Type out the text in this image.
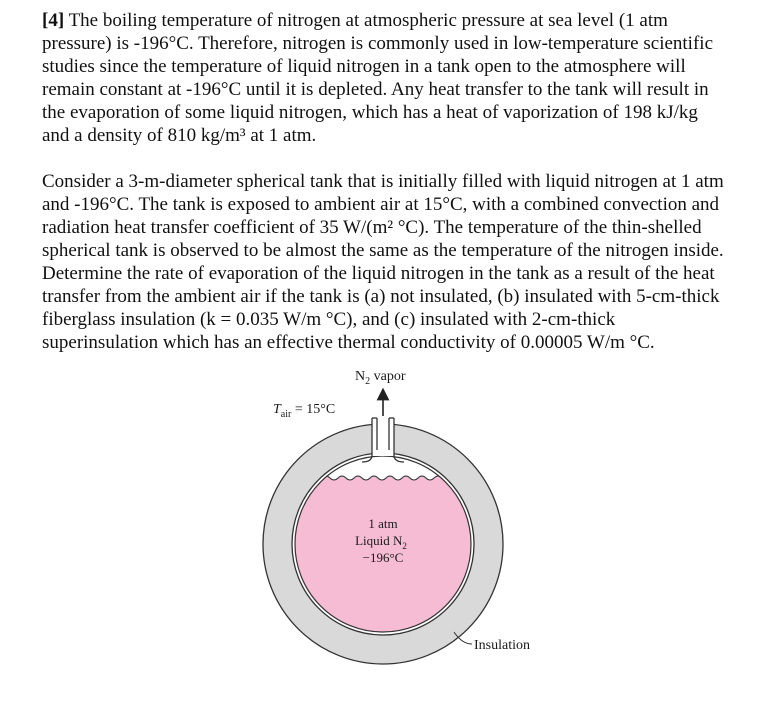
[4] The boiling temperature of nitrogen at atmospheric pressure at sea level (1 atm
pressure) is -196°C. Therefore, nitrogen is commonly used in low-temperature scientific
studies since the temperature of liquid nitrogen in a tank open to the atmosphere will
remain constant at -196°C until it is depleted. Any heat transfer to the tank will result in
the evaporation of some liquid nitrogen, which has a heat of vaporization of 198 kJ/kg
and a density of 810 kg/m³ at 1 atm.
Consider a 3-m-diameter spherical tank that is initially filled with liquid nitrogen at 1 atm
and -196°C. The tank is exposed to ambient air at 15°C, with a combined convection and
radiation heat transfer coefficient of 35 W/(m² °C). The temperature of the thin-shelled
spherical tank is observed to be almost the same as the temperature of the nitrogen inside.
Determine the rate of evaporation of the liquid nitrogen in the tank as a result of the heat
transfer from the ambient air if the tank is (a) not insulated, (b) insulated with 5-cm-thick
fiberglass insulation (k = 0.035 W/m °C), and (c) insulated with 2-cm-thick
superinsulation which has an effective thermal conductivity of 0.00005 W/m °C.
$N_2$ vapor
$T_{air} = 15^\circ C$
1 atm
Liquid $N_2$
−196°C
Insulation
